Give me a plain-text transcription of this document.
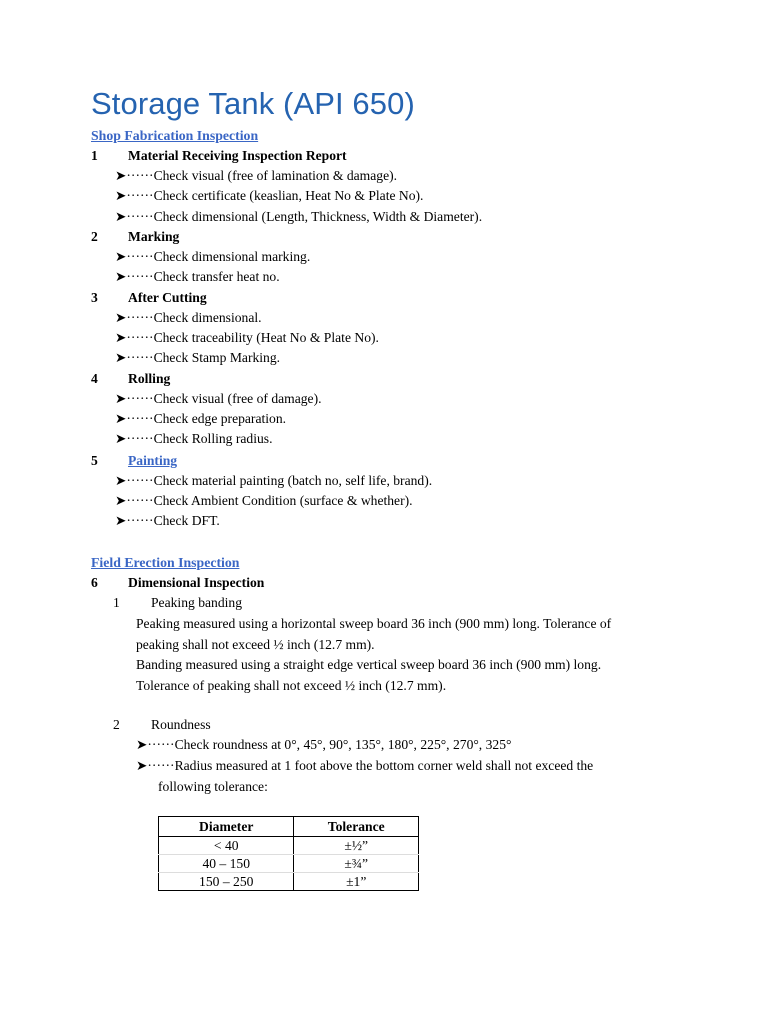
Storage Tank (API 650)
Shop Fabrication Inspection
1 Material Receiving Inspection Report
➤······Check visual (free of lamination & damage).
➤······Check certificate (keaslian, Heat No & Plate No).
➤······Check dimensional (Length, Thickness, Width & Diameter).
2 Marking
➤······Check dimensional marking.
➤······Check transfer heat no.
3 After Cutting
➤······Check dimensional.
➤······Check traceability (Heat No & Plate No).
➤······Check Stamp Marking.
4 Rolling
➤······Check visual (free of damage).
➤······Check edge preparation.
➤······Check Rolling radius.
5 Painting
➤······Check material painting (batch no, self life, brand).
➤······Check Ambient Condition (surface & whether).
➤······Check DFT.
Field Erection Inspection
6 Dimensional Inspection
1 Peaking banding
Peaking measured using a horizontal sweep board 36 inch (900 mm) long. Tolerance of
peaking shall not exceed ½ inch (12.7 mm).
Banding measured using a straight edge vertical sweep board 36 inch (900 mm) long.
Tolerance of peaking shall not exceed ½ inch (12.7 mm).
2 Roundness
➤······Check roundness at 0°, 45°, 90°, 135°, 180°, 225°, 270°, 325°
➤······Radius measured at 1 foot above the bottom corner weld shall not exceed the
following tolerance:
Diameter	Tolerance
< 40	±½”
40 – 150	±¾”
150 – 250	±1”
